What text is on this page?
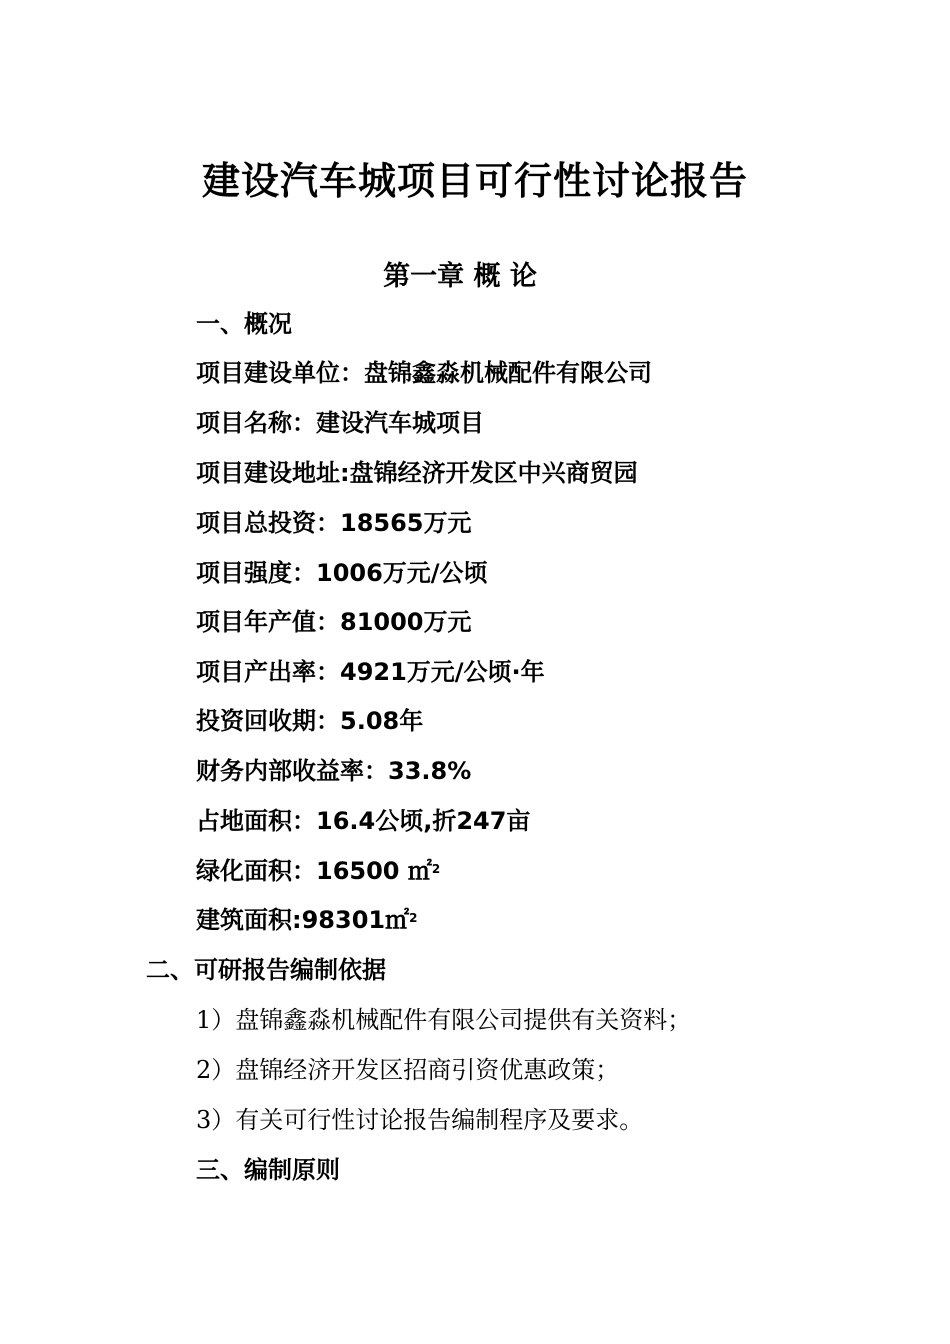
建设汽车城项目可行性讨论报告
第一章 概 论
一、概况
项目建设单位：盘锦鑫淼机械配件有限公司
项目名称：建设汽车城项目
项目建设地址:盘锦经济开发区中兴商贸园
项目总投资：18565万元
项目强度：1006万元/公顷
项目年产值：81000万元
项目产出率：4921万元/公顷·年
投资回收期：5.08年
财务内部收益率：33.8%
占地面积：16.4公顷,折247亩
绿化面积：16500 ㎡$^2$
建筑面积:98301㎡$^2$
二、可研报告编制依据
1）盘锦鑫淼机械配件有限公司提供有关资料；
2）盘锦经济开发区招商引资优惠政策；
3）有关可行性讨论报告编制程序及要求。
三、编制原则
